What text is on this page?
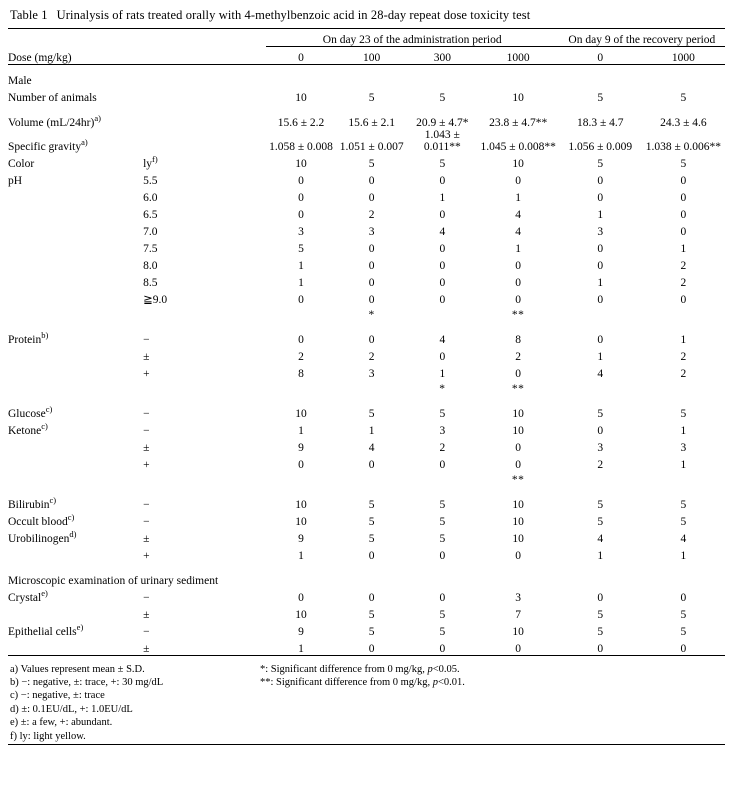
Table 1 Urinalysis of rats treated orally with 4-methylbenzoic acid in 28-day repeat dose toxicity test

		On day 23 of the administration period				On day 9 of the recovery period	
Dose (mg/kg)		0	100	300	1000	0	1000

Male							
Number of animals		10	5	5	10	5	5

Volume $(mL/24hr)^{a)}$		15.6 ± 2.2	15.6 ± 2.1	20.9 ± 4.7*	23.8 ± 4.7**	18.3 ± 4.7	24.3 ± 4.6
Specific gravity$^{a)}$		1.058 ± 0.008	1.051 ± 0.007	1.043 ± 0.011**	1.045 ± 0.008**	1.056 ± 0.009	1.038 ± 0.006**
Color	$ly^{f)}$	10	5	5	10	5	5
pH	5.5	0	0	0	0	0	0
	6.0	0	0	1	1	0	0
	6.5	0	2	0	4	1	0
	7.0	3	3	4	4	3	0
	7.5	5	0	0	1	0	1
	8.0	1	0	0	0	0	2
	8.5	1	0	0	0	1	2
	≧9.0	0	0	0	0	0	0
			*		**		

Protein$^{b)}$	−	0	0	4	8	0	1
	±	2	2	0	2	1	2
	+	8	3	1	0	4	2
				*	**		

Glucose$^{c)}$	−	10	5	5	10	5	5
Ketone$^{c)}$	−	1	1	3	10	0	1
	±	9	4	2	0	3	3
	+	0	0	0	0	2	1
					**		

Bilirubin$^{c)}$	−	10	5	5	10	5	5
Occult blood$^{c)}$	−	10	5	5	10	5	5
Urobilinogen$^{d)}$	±	9	5	5	10	4	4
	+	1	0	0	0	1	1

Microscopic examination of urinary sediment							
Crystal$^{e)}$	−	0	0	0	3	0	0
	±	10	5	5	7	5	5
Epithelial cells$^{e)}$	−	9	5	5	10	5	5
	±	1	0	0	0	0	0

a) Values represent mean ± S.D.
b) −: negative, ±: trace, +: 30 mg/dL
c) −: negative, ±: trace
d) ±: 0.1EU/dL, +: 1.0EU/dL
e) ±: a few, +: abundant.
f) ly: light yellow.
*: Significant difference from 0 mg/kg, p<0.05.
**: Significant difference from 0 mg/kg, p<0.01.
